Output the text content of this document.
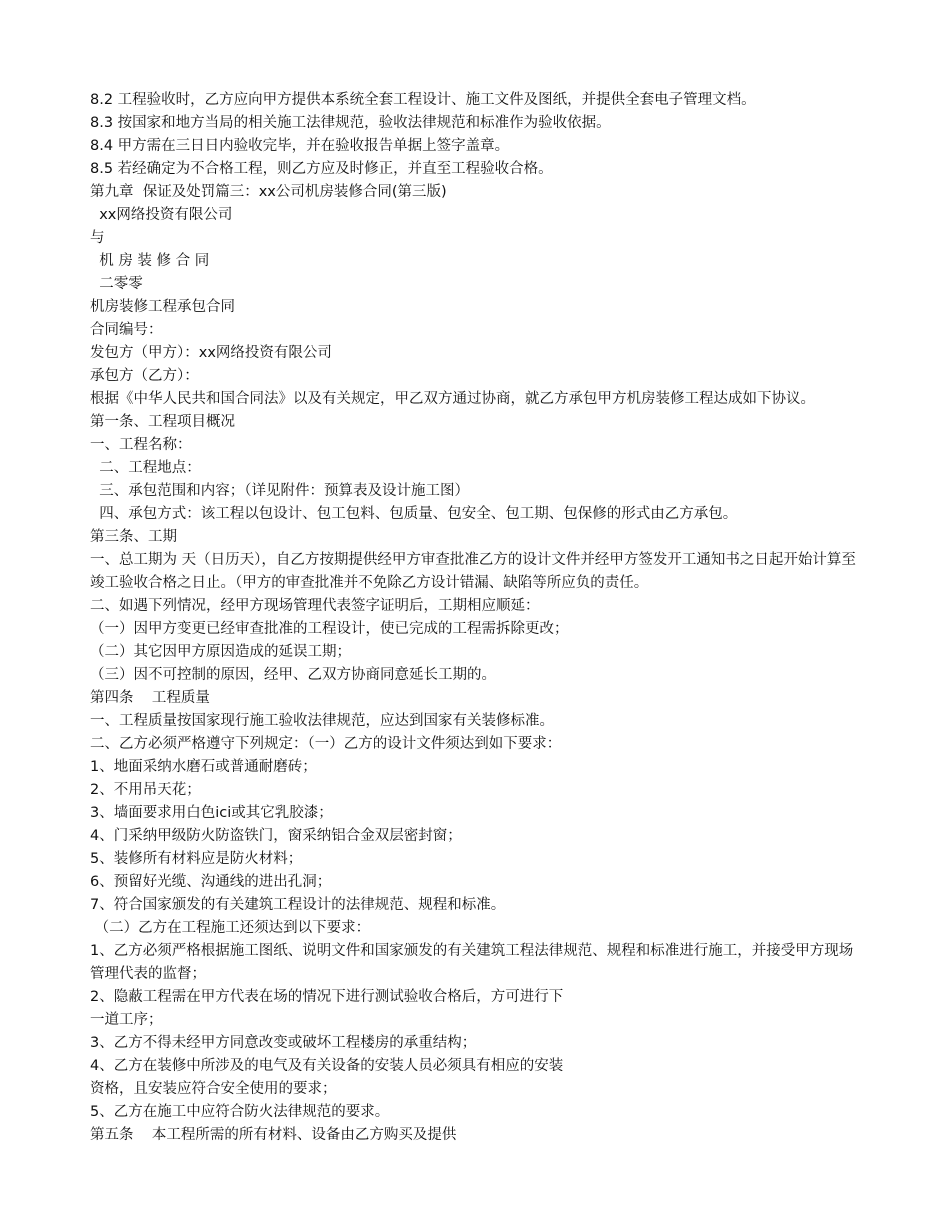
8.2 工程验收时，乙方应向甲方提供本系统全套工程设计、施工文件及图纸，并提供全套电子管理文档。
8.3 按国家和地方当局的相关施工法律规范，验收法律规范和标准作为验收依据。
8.4 甲方需在三日日内验收完毕，并在验收报告单据上签字盖章。
8.5 若经确定为不合格工程，则乙方应及时修正，并直至工程验收合格。
第九章  保证及处罚篇三：xx公司机房装修合同(第三版)
xx网络投资有限公司
与
机 房 装 修 合 同
二零零
机房装修工程承包合同
合同编号：
发包方（甲方）：xx网络投资有限公司
承包方（乙方）：
根据《中华人民共和国合同法》以及有关规定，甲乙双方通过协商，就乙方承包甲方机房装修工程达成如下协议。
第一条、工程项目概况
一、工程名称：
二、工程地点：
三、承包范围和内容；（详见附件：预算表及设计施工图）
四、承包方式：该工程以包设计、包工包料、包质量、包安全、包工期、包保修的形式由乙方承包。
第三条、工期
一、总工期为 天（日历天），自乙方按期提供经甲方审查批准乙方的设计文件并经甲方签发开工通知书之日起开始计算至竣工验收合格之日止。（甲方的审查批准并不免除乙方设计错漏、缺陷等所应负的责任。
二、如遇下列情况，经甲方现场管理代表签字证明后，工期相应顺延：
（一）因甲方变更已经审查批准的工程设计，使已完成的工程需拆除更改；
（二）其它因甲方原因造成的延误工期；
（三）因不可控制的原因，经甲、乙双方协商同意延长工期的。
第四条    工程质量
一、工程质量按国家现行施工验收法律规范，应达到国家有关装修标准。
二、乙方必须严格遵守下列规定：（一）乙方的设计文件须达到如下要求：
1、地面采纳水磨石或普通耐磨砖；
2、不用吊天花；
3、墙面要求用白色ici或其它乳胶漆；
4、门采纳甲级防火防盗铁门，窗采纳铝合金双层密封窗；
5、装修所有材料应是防火材料；
6、预留好光缆、沟通线的进出孔洞；
7、符合国家颁发的有关建筑工程设计的法律规范、规程和标准。
（二）乙方在工程施工还须达到以下要求：
1、乙方必须严格根据施工图纸、说明文件和国家颁发的有关建筑工程法律规范、规程和标准进行施工，并接受甲方现场管理代表的监督；
2、隐蔽工程需在甲方代表在场的情况下进行测试验收合格后，方可进行下
一道工序；
3、乙方不得未经甲方同意改变或破坏工程楼房的承重结构；
4、乙方在装修中所涉及的电气及有关设备的安装人员必须具有相应的安装
资格，且安装应符合安全使用的要求；
5、乙方在施工中应符合防火法律规范的要求。
第五条    本工程所需的所有材料、设备由乙方购买及提供
